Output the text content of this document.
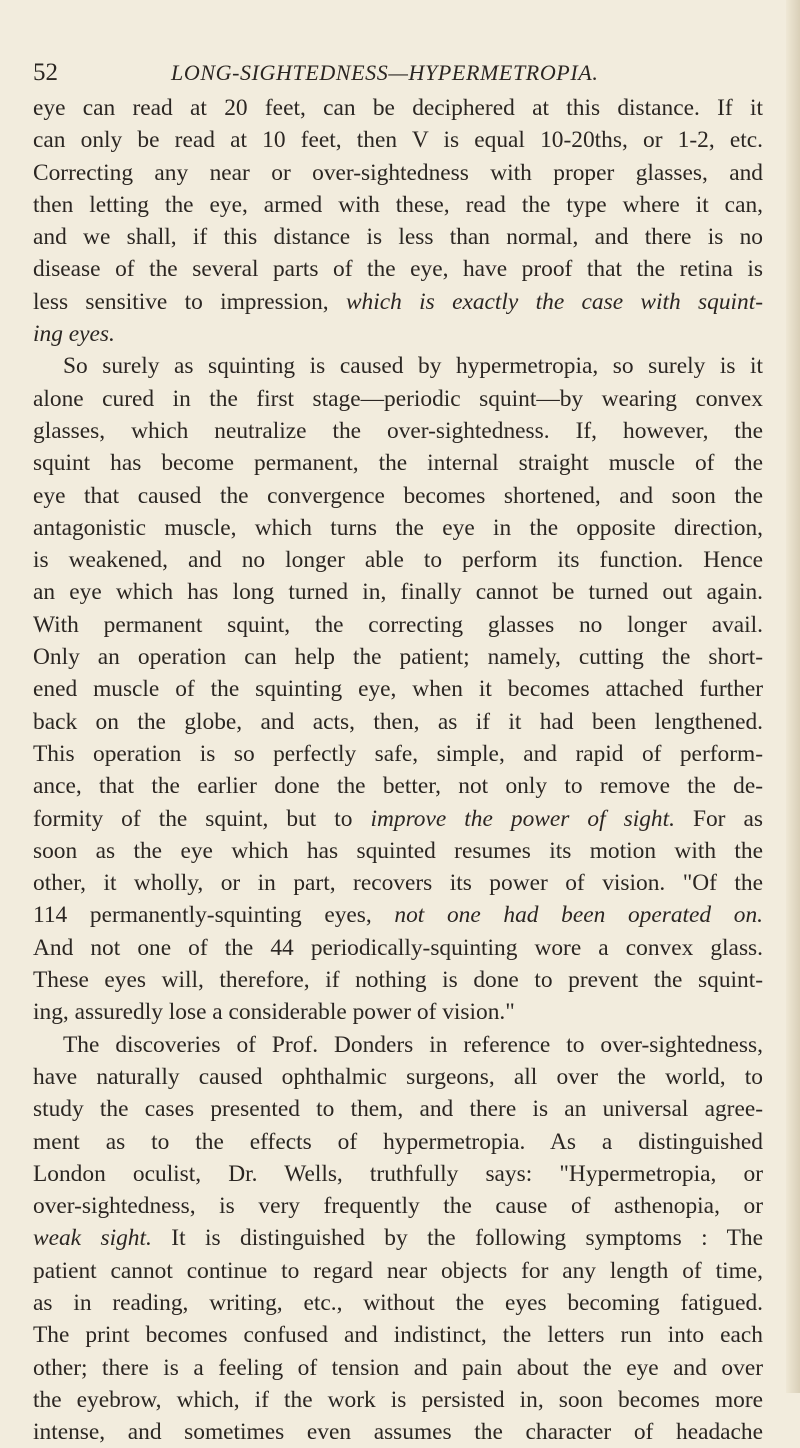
52	LONG-SIGHTEDNESS—HYPERMETROPIA.
eye can read at 20 feet, can be deciphered at this distance. If it
can only be read at 10 feet, then V is equal 10-20ths, or 1-2, etc.
Correcting any near or over-sightedness with proper glasses, and
then letting the eye, armed with these, read the type where it can,
and we shall, if this distance is less than normal, and there is no
disease of the several parts of the eye, have proof that the retina is
less sensitive to impression, which is exactly the case with squint-
ing eyes.
So surely as squinting is caused by hypermetropia, so surely is it
alone cured in the first stage—periodic squint—by wearing convex
glasses, which neutralize the over-sightedness. If, however, the
squint has become permanent, the internal straight muscle of the
eye that caused the convergence becomes shortened, and soon the
antagonistic muscle, which turns the eye in the opposite direction,
is weakened, and no longer able to perform its function. Hence
an eye which has long turned in, finally cannot be turned out again.
With permanent squint, the correcting glasses no longer avail.
Only an operation can help the patient; namely, cutting the short-
ened muscle of the squinting eye, when it becomes attached further
back on the globe, and acts, then, as if it had been lengthened.
This operation is so perfectly safe, simple, and rapid of perform-
ance, that the earlier done the better, not only to remove the de-
formity of the squint, but to improve the power of sight. For as
soon as the eye which has squinted resumes its motion with the
other, it wholly, or in part, recovers its power of vision. "Of the
114 permanently-squinting eyes, not one had been operated on.
And not one of the 44 periodically-squinting wore a convex glass.
These eyes will, therefore, if nothing is done to prevent the squint-
ing, assuredly lose a considerable power of vision."
The discoveries of Prof. Donders in reference to over-sightedness,
have naturally caused ophthalmic surgeons, all over the world, to
study the cases presented to them, and there is an universal agree-
ment as to the effects of hypermetropia. As a distinguished
London oculist, Dr. Wells, truthfully says: "Hypermetropia, or
over-sightedness, is very frequently the cause of asthenopia, or
weak sight. It is distinguished by the following symptoms : The
patient cannot continue to regard near objects for any length of time,
as in reading, writing, etc., without the eyes becoming fatigued.
The print becomes confused and indistinct, the letters run into each
other; there is a feeling of tension and pain about the eye and over
the eyebrow, which, if the work is persisted in, soon becomes more
intense, and sometimes even assumes the character of headache
